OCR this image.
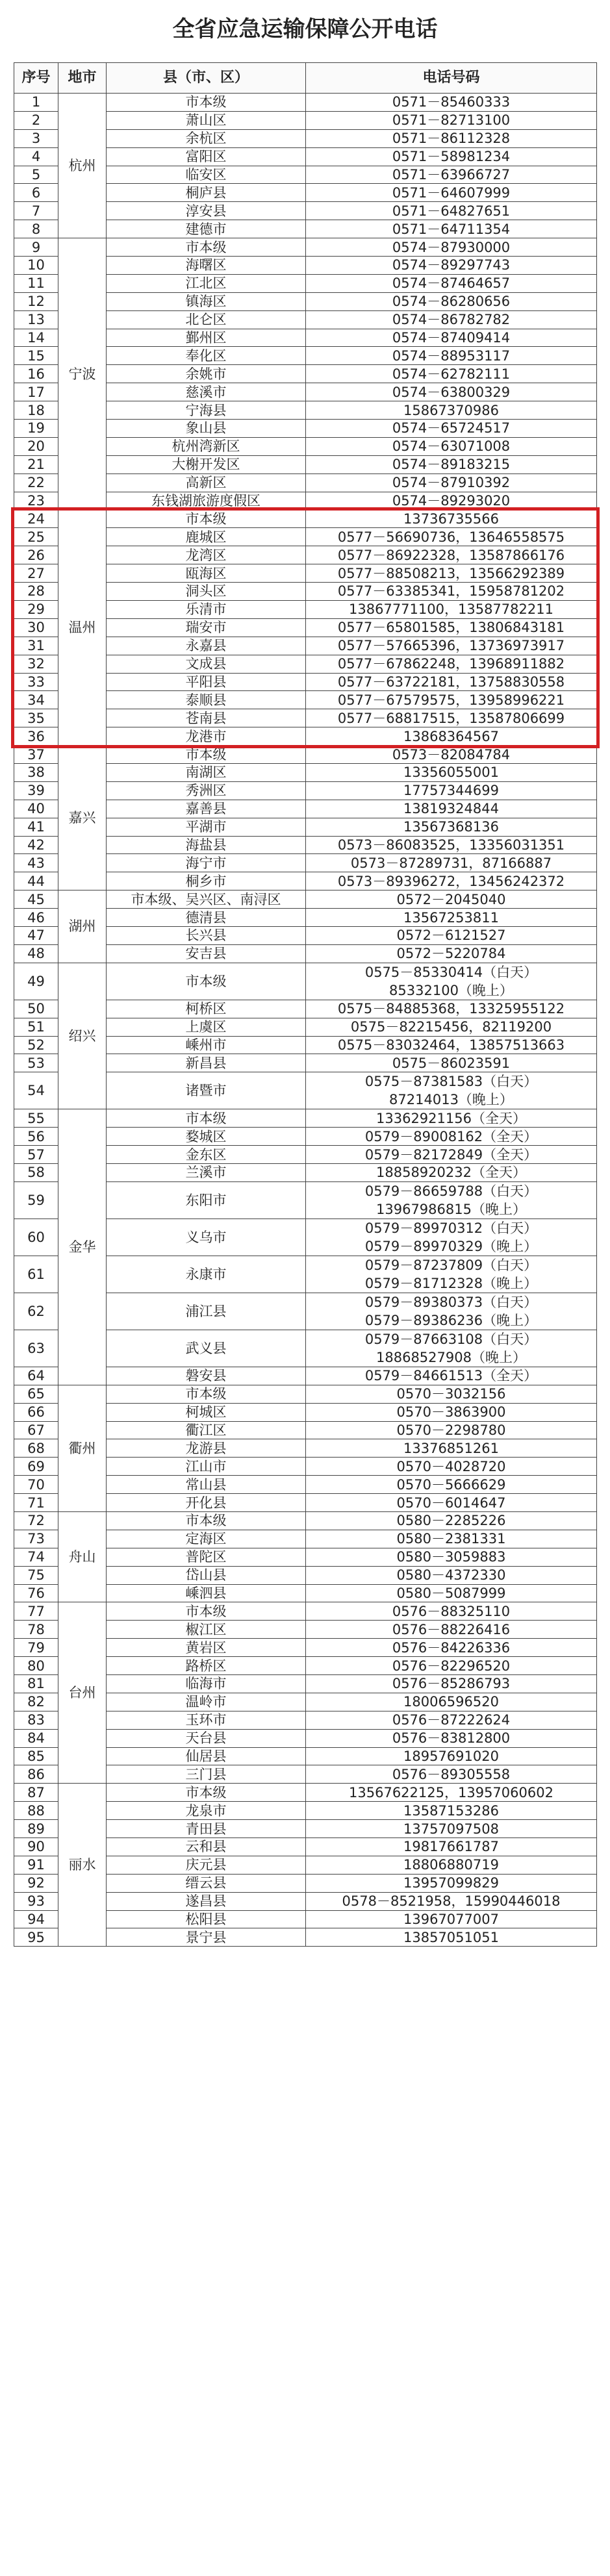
全省应急运输保障公开电话
序号	地市	县（市、区）	电话号码
1	杭州	市本级	0571－85460333
2		萧山区	0571－82713100
3		余杭区	0571－86112328
4		富阳区	0571－58981234
5		临安区	0571－63966727
6		桐庐县	0571－64607999
7		淳安县	0571－64827651
8		建德市	0571－64711354
9	宁波	市本级	0574－87930000
10		海曙区	0574－89297743
11		江北区	0574－87464657
12		镇海区	0574－86280656
13		北仑区	0574－86782782
14		鄞州区	0574－87409414
15		奉化区	0574－88953117
16		余姚市	0574－62782111
17		慈溪市	0574－63800329
18		宁海县	15867370986
19		象山县	0574－65724517
20		杭州湾新区	0574－63071008
21		大榭开发区	0574－89183215
22		高新区	0574－87910392
23		东钱湖旅游度假区	0574－89293020
24	温州	市本级	13736735566
25		鹿城区	0577－56690736，13646558575
26		龙湾区	0577－86922328，13587866176
27		瓯海区	0577－88508213，13566292389
28		洞头区	0577－63385341，15958781202
29		乐清市	13867771100，13587782211
30		瑞安市	0577－65801585，13806843181
31		永嘉县	0577－57665396，13736973917
32		文成县	0577－67862248，13968911882
33		平阳县	0577－63722181，13758830558
34		泰顺县	0577－67579575，13958996221
35		苍南县	0577－68817515，13587806699
36		龙港市	13868364567
37	嘉兴	市本级	0573－82084784
38		南湖区	13356055001
39		秀洲区	17757344699
40		嘉善县	13819324844
41		平湖市	13567368136
42		海盐县	0573－86083525，13356031351
43		海宁市	0573－87289731，87166887
44		桐乡市	0573－89396272，13456242372
45	湖州	市本级、吴兴区、南浔区	0572－2045040
46		德清县	13567253811
47		长兴县	0572－6121527
48		安吉县	0572－5220784
49	绍兴	市本级	0575－85330414（白天）
85332100（晚上）

50		柯桥区	0575－84885368，13325955122
51		上虞区	0575－82215456，82119200
52		嵊州市	0575－83032464，13857513663
53		新昌县	0575－86023591
54		诸暨市	0575－87381583（白天）
87214013（晚上）

55	金华	市本级	13362921156（全天）
56		婺城区	0579－89008162（全天）
57		金东区	0579－82172849（全天）
58		兰溪市	18858920232（全天）
59		东阳市	0579－86659788（白天）
13967986815（晚上）

60		义乌市	0579－89970312（白天）
0579－89970329（晚上）

61		永康市	0579－87237809（白天）
0579－81712328（晚上）

62		浦江县	0579－89380373（白天）
0579－89386236（晚上）

63		武义县	0579－87663108（白天）
18868527908（晚上）

64		磐安县	0579－84661513（全天）
65	衢州	市本级	0570－3032156
66		柯城区	0570－3863900
67		衢江区	0570－2298780
68		龙游县	13376851261
69		江山市	0570－4028720
70		常山县	0570－5666629
71		开化县	0570－6014647
72	舟山	市本级	0580－2285226
73		定海区	0580－2381331
74		普陀区	0580－3059883
75		岱山县	0580－4372330
76		嵊泗县	0580－5087999
77	台州	市本级	0576－88325110
78		椒江区	0576－88226416
79		黄岩区	0576－84226336
80		路桥区	0576－82296520
81		临海市	0576－85286793
82		温岭市	18006596520
83		玉环市	0576－87222624
84		天台县	0576－83812800
85		仙居县	18957691020
86		三门县	0576－89305558
87	丽水	市本级	13567622125，13957060602
88		龙泉市	13587153286
89		青田县	13757097508
90		云和县	19817661787
91		庆元县	18806880719
92		缙云县	13957099829
93		遂昌县	0578－8521958，15990446018
94		松阳县	13967077007
95		景宁县	13857051051
